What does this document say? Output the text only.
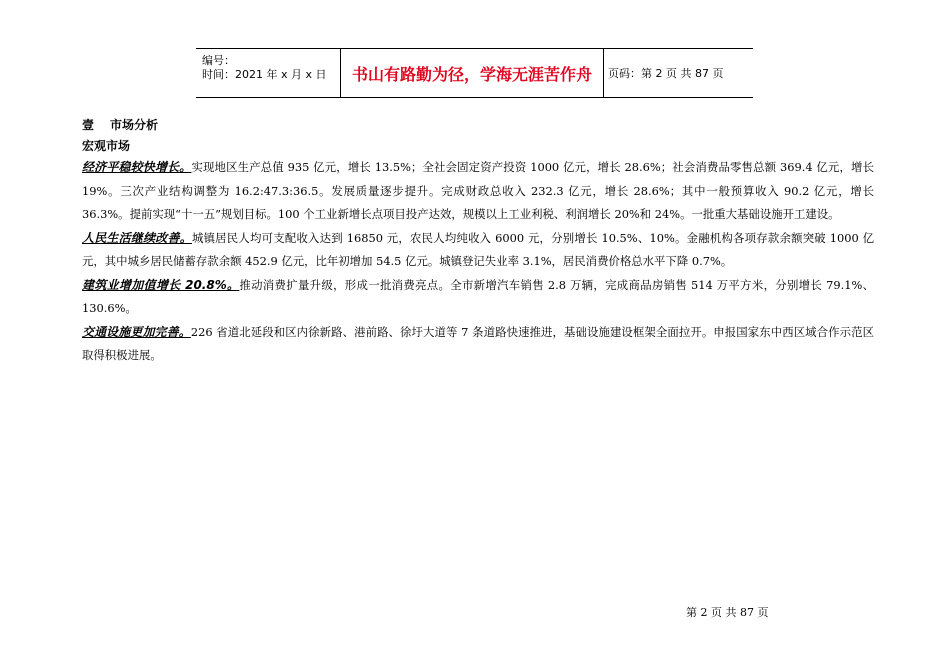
编号：
时间：2021 年 x 月 x 日	书山有路勤为径，学海无涯苦作舟	页码：第 2 页 共 87 页
壹 市场分析
宏观市场

经济平稳较快增长。实现地区生产总值 935 亿元，增长 13.5%；全社会固定资产投资 1000 亿元，增长 28.6%；社会消费品零售总额 369.4 亿元，增长 19%。三次产业结构调整为 16.2:47.3:36.5。发展质量逐步提升。完成财政总收入 232.3 亿元，增长 28.6%；其中一般预算收入 90.2 亿元，增长 36.3%。提前实现“十一五”规划目标。100 个工业新增长点项目投产达效，规模以上工业利税、利润增长 20%和 24%。一批重大基础设施开工建设。

人民生活继续改善。城镇居民人均可支配收入达到 16850 元，农民人均纯收入 6000 元，分别增长 10.5%、10%。金融机构各项存款余额突破 1000 亿元，其中城乡居民储蓄存款余额 452.9 亿元，比年初增加 54.5 亿元。城镇登记失业率 3.1%，居民消费价格总水平下降 0.7%。

建筑业增加值增长 20.8%。推动消费扩量升级，形成一批消费亮点。全市新增汽车销售 2.8 万辆，完成商品房销售 514 万平方米，分别增长 79.1%、130.6%。

交通设施更加完善。226 省道北延段和区内徐新路、港前路、徐圩大道等 7 条道路快速推进，基础设施建设框架全面拉开。申报国家东中西区域合作示范区取得积极进展。

第 2 页 共 87 页
